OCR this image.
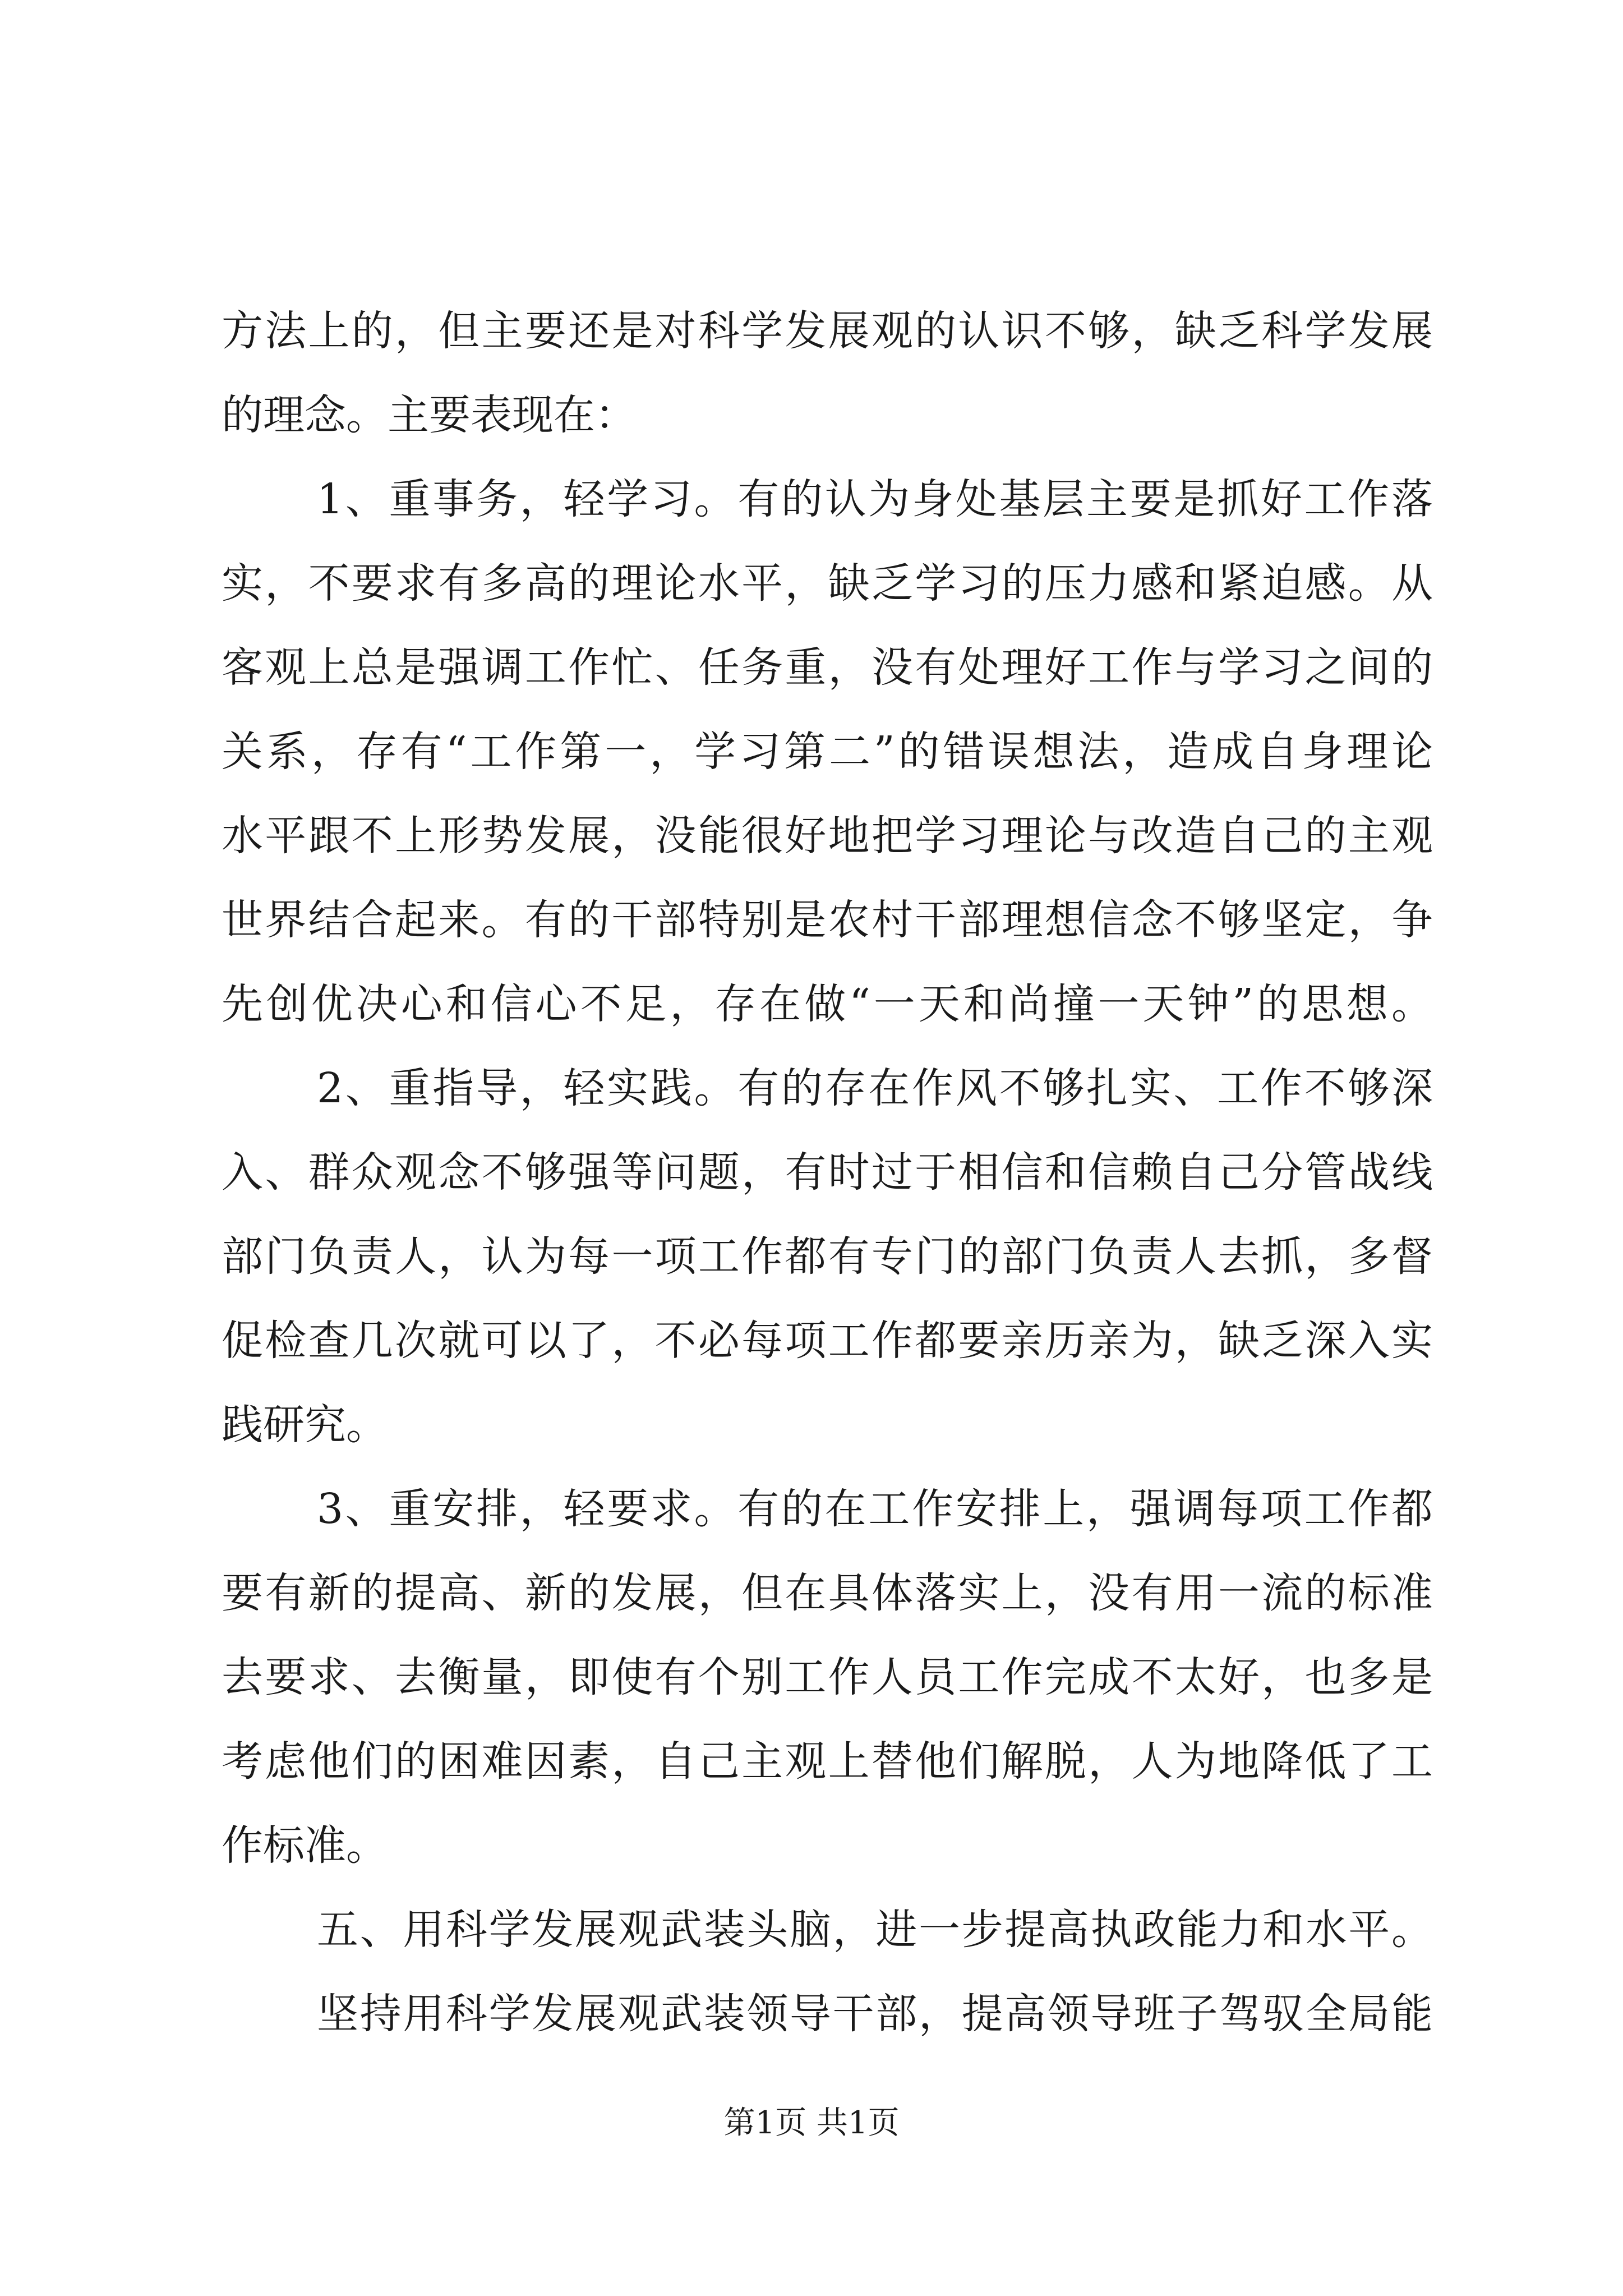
方法上的，但主要还是对科学发展观的认识不够，缺乏科学发展
的理念。主要表现在：
1、重事务，轻学习。有的认为身处基层主要是抓好工作落
实，不要求有多高的理论水平，缺乏学习的压力感和紧迫感。从
客观上总是强调工作忙、任务重，没有处理好工作与学习之间的
关系，存有“工作第一，学习第二”的错误想法，造成自身理论
水平跟不上形势发展，没能很好地把学习理论与改造自己的主观
世界结合起来。有的干部特别是农村干部理想信念不够坚定，争
先创优决心和信心不足，存在做“一天和尚撞一天钟”的思想。
2、重指导，轻实践。有的存在作风不够扎实、工作不够深
入、群众观念不够强等问题，有时过于相信和信赖自己分管战线
部门负责人，认为每一项工作都有专门的部门负责人去抓，多督
促检查几次就可以了，不必每项工作都要亲历亲为，缺乏深入实
践研究。
3、重安排，轻要求。有的在工作安排上，强调每项工作都
要有新的提高、新的发展，但在具体落实上，没有用一流的标准
去要求、去衡量，即使有个别工作人员工作完成不太好，也多是
考虑他们的困难因素，自己主观上替他们解脱，人为地降低了工
作标准。
五、用科学发展观武装头脑，进一步提高执政能力和水平。
坚持用科学发展观武装领导干部，提高领导班子驾驭全局能
第1页 共1页
